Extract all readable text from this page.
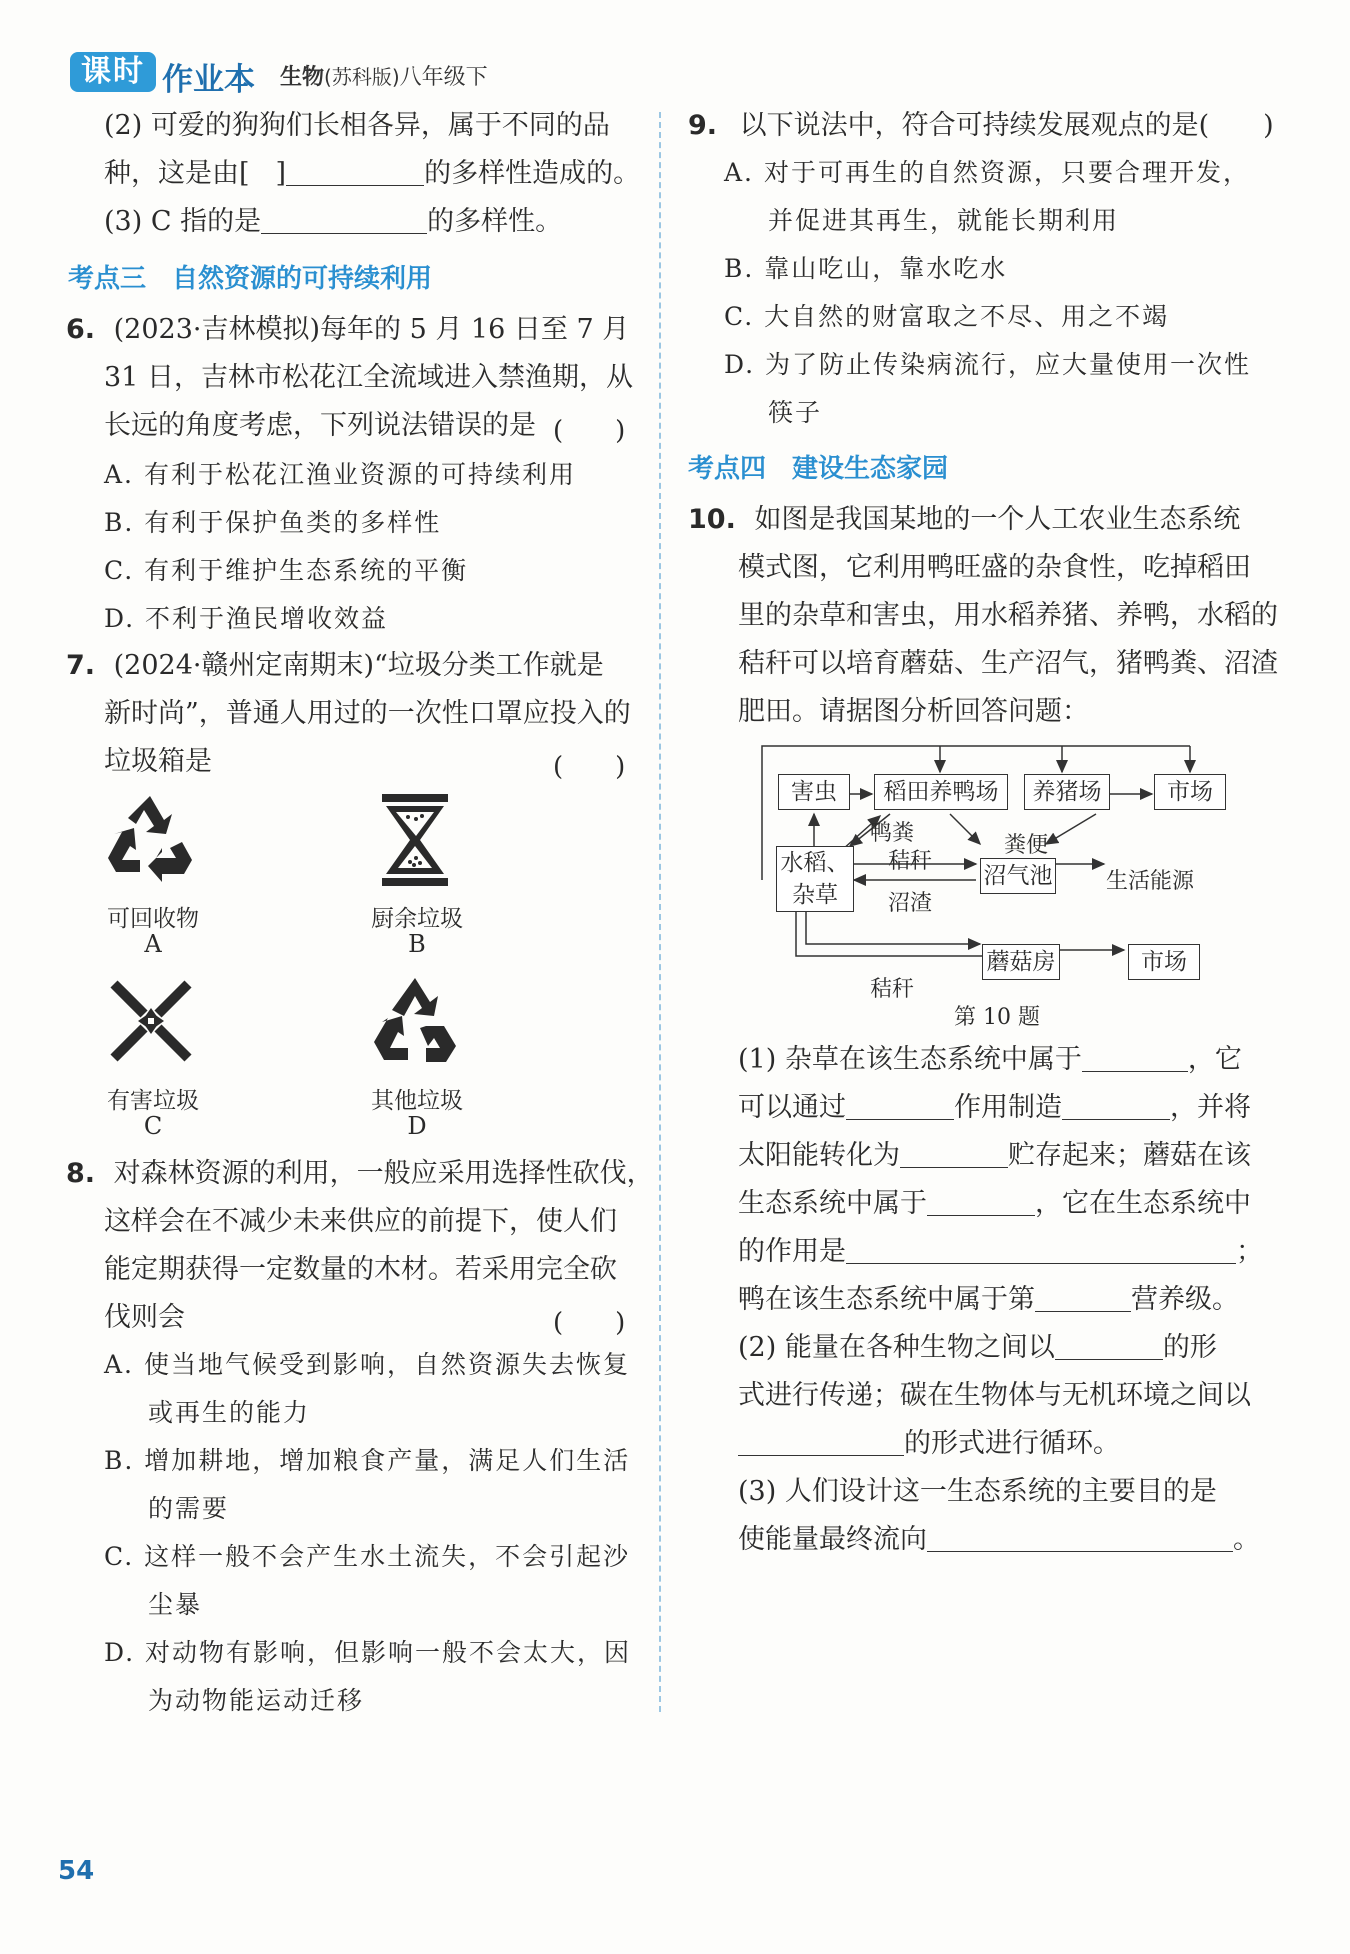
课时 作业本 生物(苏科版)八年级下
(2) 可爱的狗狗们长相各异，属于不同的品
种，这是由[ ]	的多样性造成的。
(3) C 指的是	的多样性。
考点三　自然资源的可持续利用
6. (2023·吉林模拟)每年的 5 月 16 日至 7 月
31 日，吉林市松花江全流域进入禁渔期，从
长远的角度考虑，下列说法错误的是 (　　)
A. 有利于松花江渔业资源的可持续利用
B. 有利于保护鱼类的多样性
C. 有利于维护生态系统的平衡
D. 不利于渔民增收效益
7. (2024·赣州定南期末)“垃圾分类工作就是
新时尚”，普通人用过的一次性口罩应投入的
垃圾箱是	(　　)
可回收物
A
厨余垃圾
B
有害垃圾
C
其他垃圾
D
8. 对森林资源的利用，一般应采用选择性砍伐，
这样会在不减少未来供应的前提下，使人们
能定期获得一定数量的木材。若采用完全砍
伐则会	(　　)
A. 使当地气候受到影响，自然资源失去恢复
或再生的能力
B. 增加耕地，增加粮食产量，满足人们生活
的需要
C. 这样一般不会产生水土流失，不会引起沙
尘暴
D. 对动物有影响，但影响一般不会太大，因
为动物能运动迁移
9. 以下说法中，符合可持续发展观点的是(　　)
A. 对于可再生的自然资源，只要合理开发，
并促进其再生，就能长期利用
B. 靠山吃山，靠水吃水
C. 大自然的财富取之不尽、用之不竭
D. 为了防止传染病流行，应大量使用一次性
筷子
考点四　建设生态家园
10. 如图是我国某地的一个人工农业生态系统
模式图，它利用鸭旺盛的杂食性，吃掉稻田
里的杂草和害虫，用水稻养猪、养鸭，水稻的
秸秆可以培育蘑菇、生产沼气，猪鸭粪、沼渣
肥田。请据图分析回答问题：
害虫	稻田养鸭场	养猪场	市场
水稻、
杂草
沼气池 生活能源
蘑菇房	市场
鸭粪
秸秆
粪便
沼渣
秸秆
第 10 题
(1) 杂草在该生态系统中属于	，它
可以通过	作用制造	，并将
太阳能转化为	贮存起来；蘑菇在该
生态系统中属于	，它在生态系统中
的作用是	；
鸭在该生态系统中属于第	营养级。
(2) 能量在各种生物之间以	的形
式进行传递；碳在生物体与无机环境之间以
的形式进行循环。
(3) 人们设计这一生态系统的主要目的是
使能量最终流向	。
54
